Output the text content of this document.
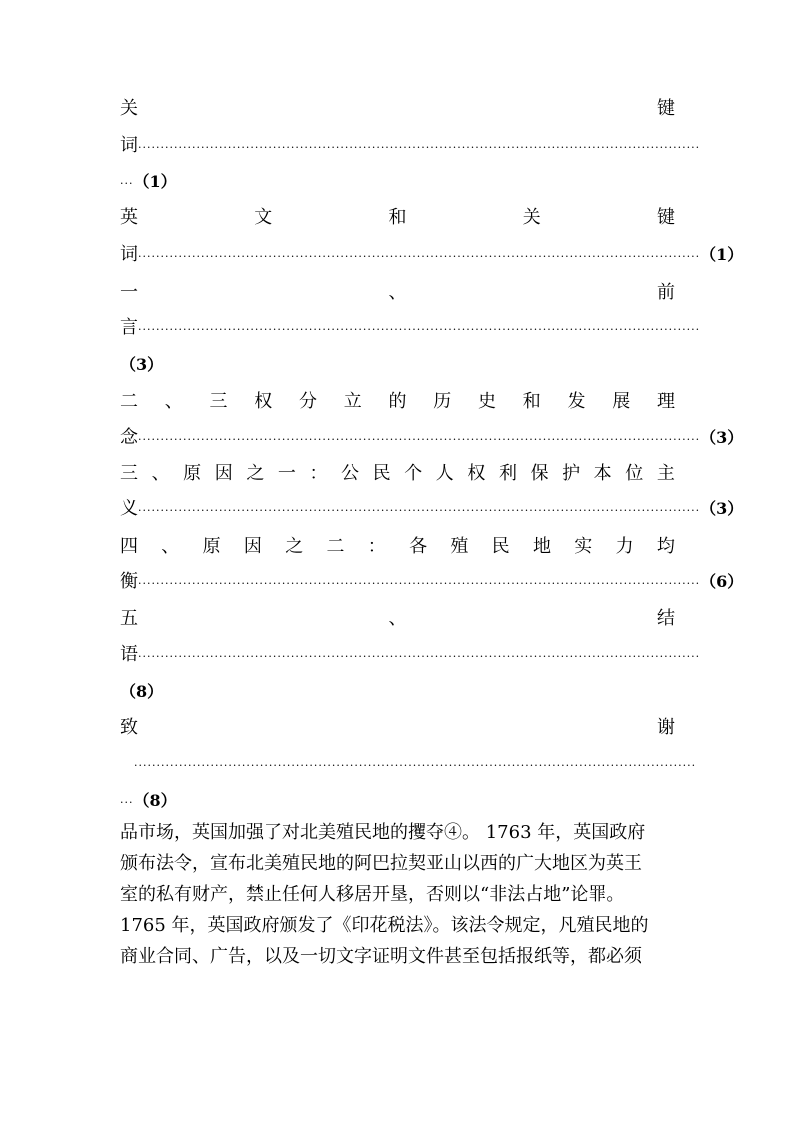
关	键
词 ·····························································································································
··· （1）
英	文	和	关	键
词 ····························································································································· （1）
一	、	前
言 ·····························································································································
（3）
二 、 三 权 分 立 的 历 史 和 发 展 理
念 ····························································································································· （3）
三 、 原 因 之 一 ： 公 民 个 人 权 利 保 护 本 位 主
义 ····························································································································· （3）
四 、 原 因 之 二 ： 各 殖 民 地 实 力 均
衡 ····························································································································· （6）
五	、	结
语 ·····························································································································
（8）
致	谢
·····························································································································
··· （8）

品市场，英国加强了对北美殖民地的攫夺④。 1763 年，英国政府

颁布法令，宣布北美殖民地的阿巴拉契亚山以西的广大地区为英王

室的私有财产，禁止任何人移居开垦，否则以“非法占地”论罪。

1765 年，英国政府颁发了《印花税法》。该法令规定，凡殖民地的

商业合同、广告，以及一切文字证明文件甚至包括报纸等，都必须
